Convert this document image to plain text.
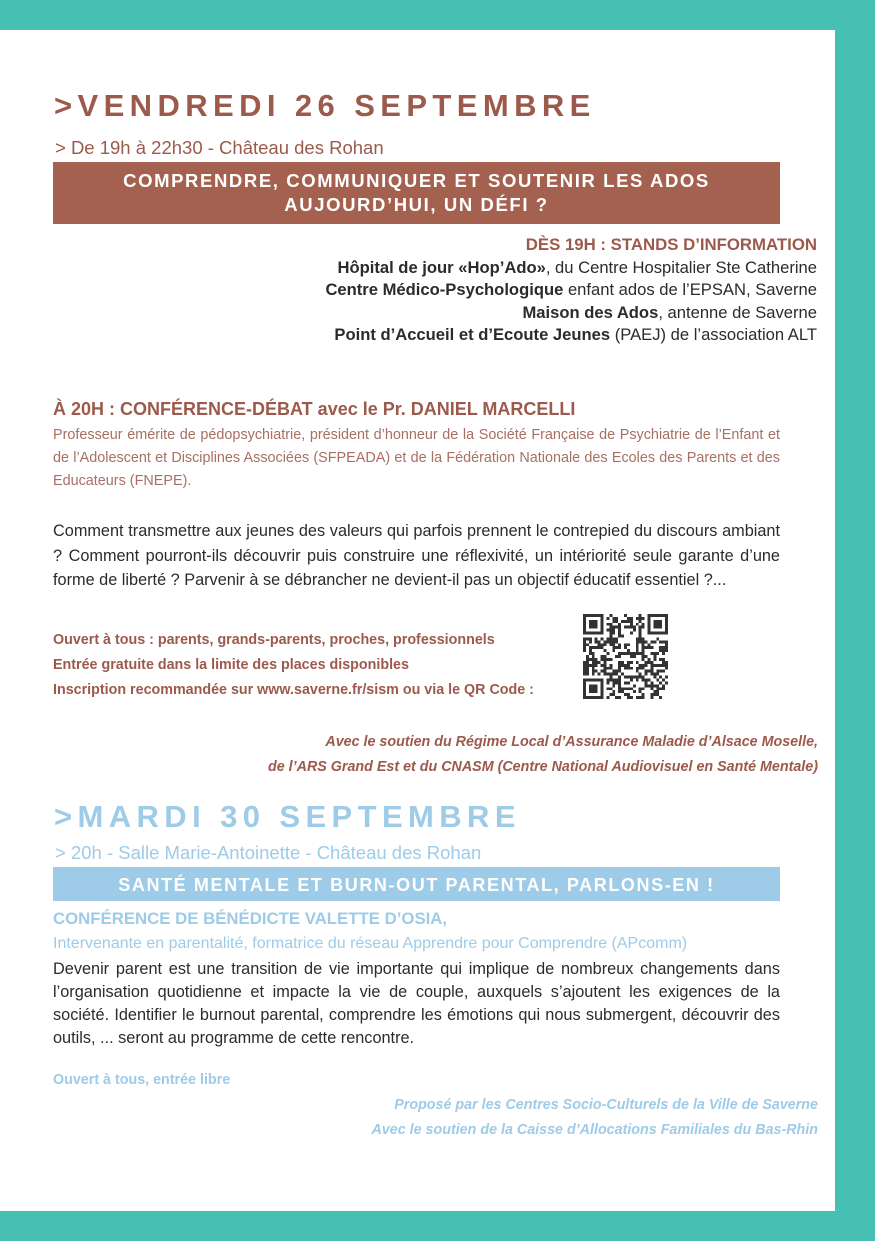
>VENDREDI 26 SEPTEMBRE
> De 19h à 22h30 - Château des Rohan
COMPRENDRE, COMMUNIQUER ET SOUTENIR LES ADOS
AUJOURD’HUI, UN DÉFI ?
DÈS 19H : STANDS D’INFORMATION
Hôpital de jour «Hop’Ado», du Centre Hospitalier Ste Catherine
Centre Médico-Psychologique enfant ados de l’EPSAN, Saverne
Maison des Ados, antenne de Saverne
Point d’Accueil et d’Ecoute Jeunes (PAEJ) de l’association ALT
À 20H : CONFÉRENCE-DÉBAT avec le Pr. DANIEL MARCELLI
Professeur émérite de pédopsychiatrie, président d’honneur de la Société Française de Psychiatrie de l’Enfant et de l’Adolescent et Disciplines Associées (SFPEADA) et de la Fédération Nationale des Ecoles des Parents et des Educateurs (FNEPE).
Comment transmettre aux jeunes des valeurs qui parfois prennent le contrepied du discours ambiant ? Comment pourront-ils découvrir puis construire une réflexivité, un intériorité seule garante d’une forme de liberté ? Parvenir à se débrancher ne devient-il pas un objectif éducatif essentiel ?...
Ouvert à tous : parents, grands-parents, proches, professionnels
Entrée gratuite dans la limite des places disponibles
Inscription recommandée sur www.saverne.fr/sism ou via le QR Code :
Avec le soutien du Régime Local d’Assurance Maladie d’Alsace Moselle,
de l’ARS Grand Est et du CNASM (Centre National Audiovisuel en Santé Mentale)
>MARDI 30 SEPTEMBRE
> 20h - Salle Marie-Antoinette - Château des Rohan
SANTÉ MENTALE ET BURN-OUT PARENTAL, PARLONS-EN !
CONFÉRENCE DE BÉNÉDICTE VALETTE D’OSIA,
Intervenante en parentalité, formatrice du réseau Apprendre pour Comprendre (APcomm)
Devenir parent est une transition de vie importante qui implique de nombreux changements dans l’organisation quotidienne et impacte la vie de couple, auxquels s’ajoutent les exigences de la société. Identifier le burnout parental, comprendre les émotions qui nous submergent, découvrir des outils, ... seront au programme de cette rencontre.
Ouvert à tous, entrée libre
Proposé par les Centres Socio-Culturels de la Ville de Saverne
Avec le soutien de la Caisse d’Allocations Familiales du Bas-Rhin
